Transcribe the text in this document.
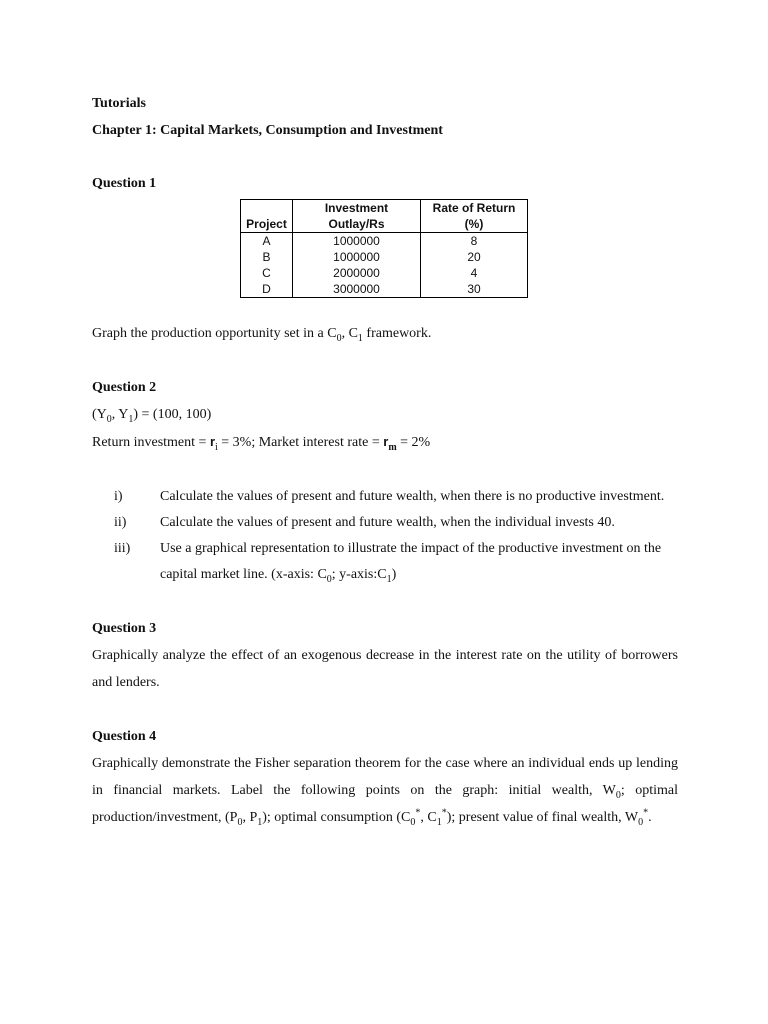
Tutorials
Chapter 1: Capital Markets, Consumption and Investment
Question 1
Project	Investment Outlay/Rs	Rate of Return (%)
A	1000000	8
B	1000000	20
C	2000000	4
D	3000000	30
Graph the production opportunity set in a $C_0$, $C_1$ framework.
Question 2
($Y_0$, $Y_1) = (100$, 100)
Return investment = $r_i = 3\%$; Market interest rate = $r_m = 2\%$
i)	Calculate the values of present and future wealth, when there is no productive investment.
ii)	Calculate the values of present and future wealth, when the individual invests 40.
iii)	Use a graphical representation to illustrate the impact of the productive investment on the capital market line. (x-axis: $C_0$; $y-axis:C_1$)
Question 3
Graphically analyze the effect of an exogenous decrease in the interest rate on the utility of borrowers and lenders.
Question 4
Graphically demonstrate the Fisher separation theorem for the case where an individual ends up lending in financial markets. Label the following points on the graph: initial wealth, $W_0$; optimal production/investment, ($P_0$, $P_1$); optimal consumption ($C_0^*$, $C_1^*$); present value of final wealth, $W_0^*$.
